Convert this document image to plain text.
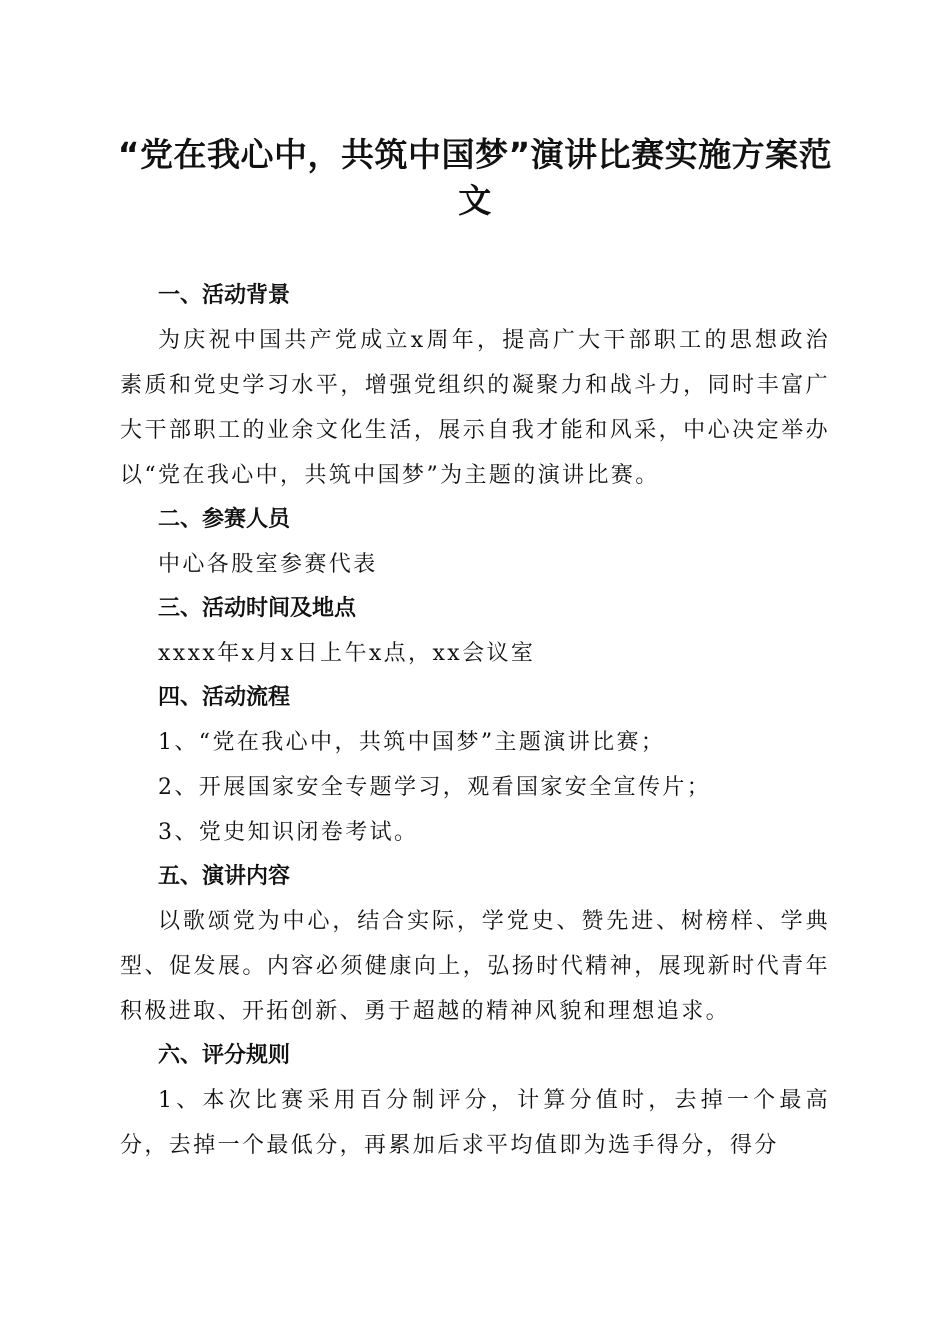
“党在我心中，共筑中国梦”演讲比赛实施方案范文

一、活动背景

为庆祝中国共产党成立x周年，提高广大干部职工的思想政治素质和党史学习水平，增强党组织的凝聚力和战斗力，同时丰富广大干部职工的业余文化生活，展示自我才能和风采，中心决定举办以“党在我心中，共筑中国梦”为主题的演讲比赛。

二、参赛人员

中心各股室参赛代表

三、活动时间及地点

xxxx年x月x日上午x点，xx会议室

四、活动流程

1、“党在我心中，共筑中国梦”主题演讲比赛；

2、开展国家安全专题学习，观看国家安全宣传片；

3、党史知识闭卷考试。

五、演讲内容

以歌颂党为中心，结合实际，学党史、赞先进、树榜样、学典型、促发展。内容必须健康向上，弘扬时代精神，展现新时代青年积极进取、开拓创新、勇于超越的精神风貌和理想追求。

六、评分规则

1、本次比赛采用百分制评分，计算分值时，去掉一个最高分，去掉一个最低分，再累加后求平均值即为选手得分，得分
